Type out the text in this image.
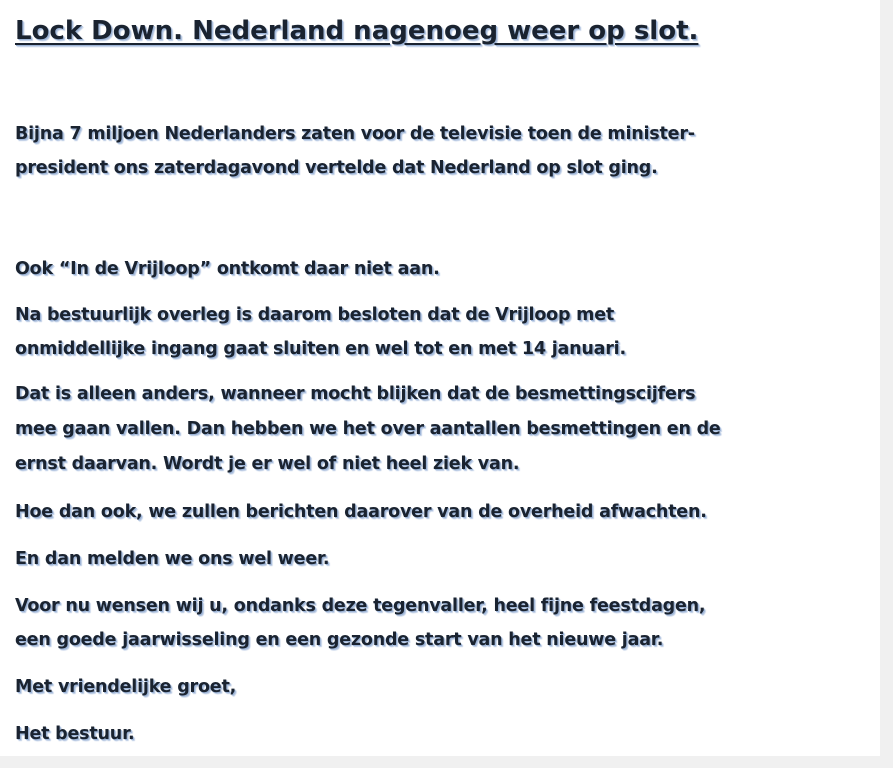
Lock Down. Nederland nagenoeg weer op slot.

Bijna 7 miljoen Nederlanders zaten voor de televisie toen de minister-

president ons zaterdagavond vertelde dat Nederland op slot ging.

Ook “In de Vrijloop” ontkomt daar niet aan.

Na bestuurlijk overleg is daarom besloten dat de Vrijloop met

onmiddellijke ingang gaat sluiten en wel tot en met 14 januari.

Dat is alleen anders, wanneer mocht blijken dat de besmettingscijfers

mee gaan vallen. Dan hebben we het over aantallen besmettingen en de

ernst daarvan. Wordt je er wel of niet heel ziek van.

Hoe dan ook, we zullen berichten daarover van de overheid afwachten.

En dan melden we ons wel weer.

Voor nu wensen wij u, ondanks deze tegenvaller, heel fijne feestdagen,

een goede jaarwisseling en een gezonde start van het nieuwe jaar.

Met vriendelijke groet,

Het bestuur.
